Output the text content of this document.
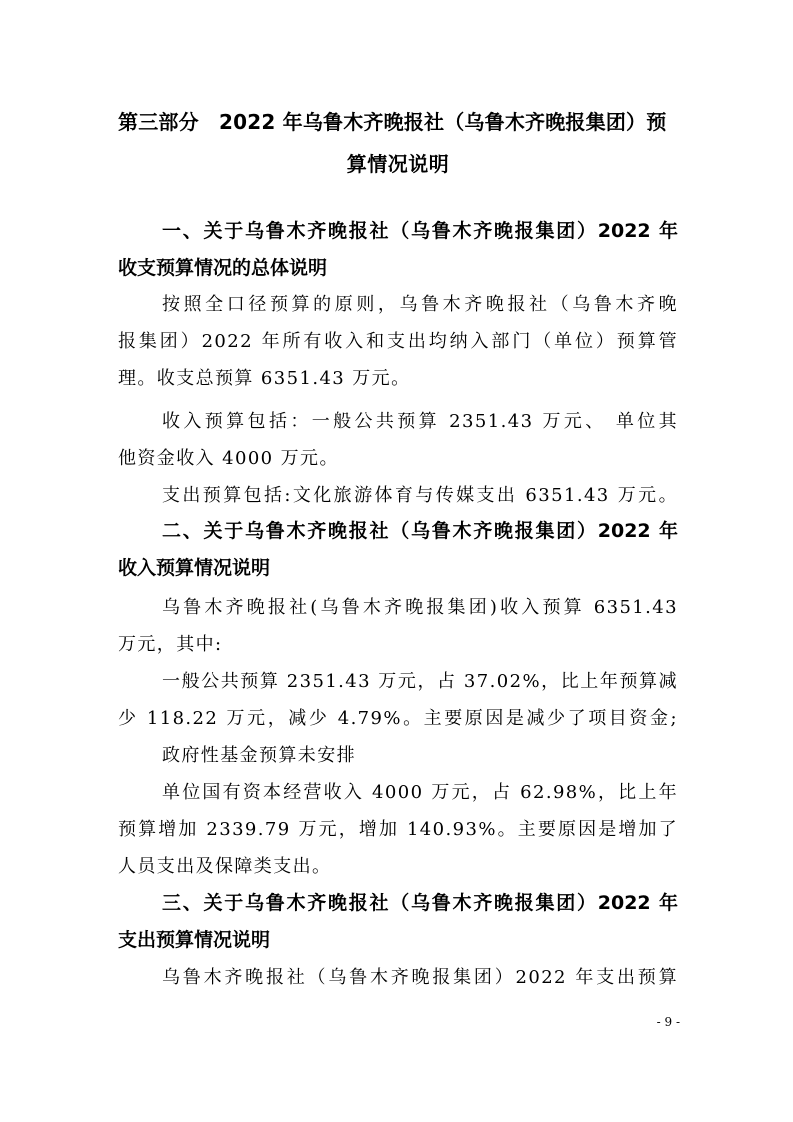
第三部分　2022 年乌鲁木齐晚报社（乌鲁木齐晚报集团）预
算情况说明

一、关于乌鲁木齐晚报社（乌鲁木齐晚报集团）2022 年

收支预算情况的总体说明

按照全口径预算的原则，乌鲁木齐晚报社（乌鲁木齐晚

报集团）2022 年所有收入和支出均纳入部门（单位）预算管

理。收支总预算 6351.43 万元。

收入预算包括：一般公共预算 2351.43 万元、 单位其

他资金收入 4000 万元。

支出预算包括:文化旅游体育与传媒支出 6351.43 万元。

二、关于乌鲁木齐晚报社（乌鲁木齐晚报集团）2022 年

收入预算情况说明

乌鲁木齐晚报社(乌鲁木齐晚报集团)收入预算 6351.43

万元，其中:

一般公共预算 2351.43 万元，占 37.02%，比上年预算减

少 118.22 万元，减少 4.79%。主要原因是减少了项目资金;

政府性基金预算未安排

单位国有资本经营收入 4000 万元，占 62.98%，比上年

预算增加 2339.79 万元，增加 140.93%。主要原因是增加了

人员支出及保障类支出。

三、关于乌鲁木齐晚报社（乌鲁木齐晚报集团）2022 年

支出预算情况说明

乌鲁木齐晚报社（乌鲁木齐晚报集团）2022 年支出预算

- 9 -
